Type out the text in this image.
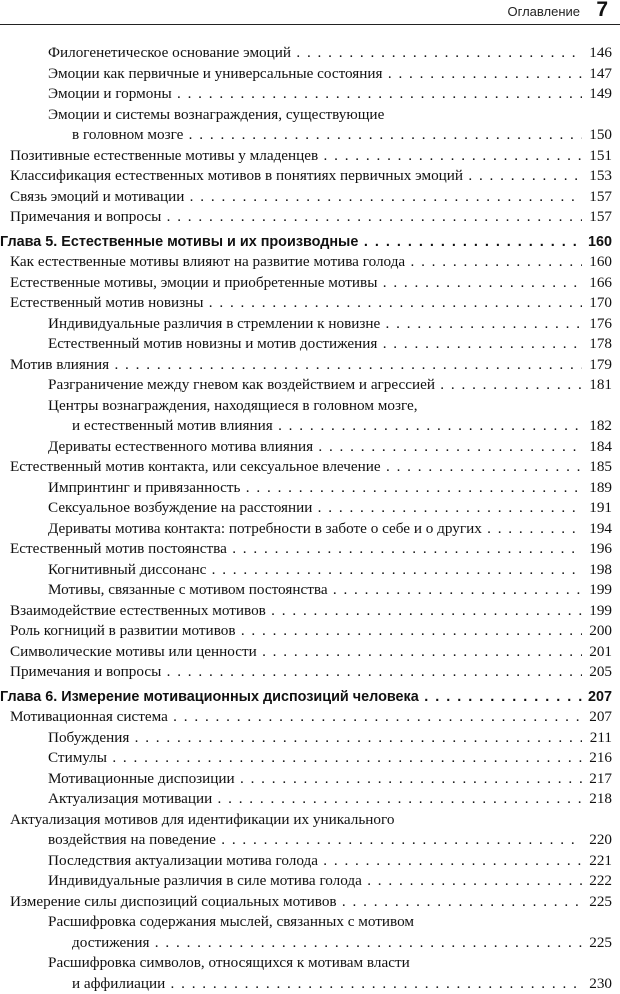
Оглавление 7
Филогенетическое основание эмоций . . .	146
Эмоции как первичные и универсальные состояния . . .	147
Эмоции и гормоны . . .	149
Эмоции и системы вознаграждения, существующие
в головном мозге . . .	150
Позитивные естественные мотивы у младенцев . . .	151
Классификация естественных мотивов в понятиях первичных эмоций . . .	153
Связь эмоций и мотивации . . .	157
Примечания и вопросы . . .	157
Глава 5. Естественные мотивы и их производные . . .	160
Как естественные мотивы влияют на развитие мотива голода . . .	160
Естественные мотивы, эмоции и приобретенные мотивы . . .	166
Естественный мотив новизны . . .	170
Индивидуальные различия в стремлении к новизне . . .	176
Естественный мотив новизны и мотив достижения . . .	178
Мотив влияния . . .	179
Разграничение между гневом как воздействием и агрессией . . .	181
Центры вознаграждения, находящиеся в головном мозге,
и естественный мотив влияния . . .	182
Дериваты естественного мотива влияния . . .	184
Естественный мотив контакта, или сексуальное влечение . . .	185
Импринтинг и привязанность . . .	189
Сексуальное возбуждение на расстоянии . . .	191
Дериваты мотива контакта: потребности в заботе о себе и о других . . .	194
Естественный мотив постоянства . . .	196
Когнитивный диссонанс . . .	198
Мотивы, связанные с мотивом постоянства . . .	199
Взаимодействие естественных мотивов . . .	199
Роль когниций в развитии мотивов . . .	200
Символические мотивы или ценности . . .	201
Примечания и вопросы . . .	205
Глава 6. Измерение мотивационных диспозиций человека . . .	207
Мотивационная система . . .	207
Побуждения . . .	211
Стимулы . . .	216
Мотивационные диспозиции . . .	217
Актуализация мотивации . . .	218
Актуализация мотивов для идентификации их уникального
воздействия на поведение . . .	220
Последствия актуализации мотива голода . . .	221
Индивидуальные различия в силе мотива голода . . .	222
Измерение силы диспозиций социальных мотивов . . .	225
Расшифровка содержания мыслей, связанных с мотивом
достижения . . .	225
Расшифровка символов, относящихся к мотивам власти
и аффилиации . . .	230
